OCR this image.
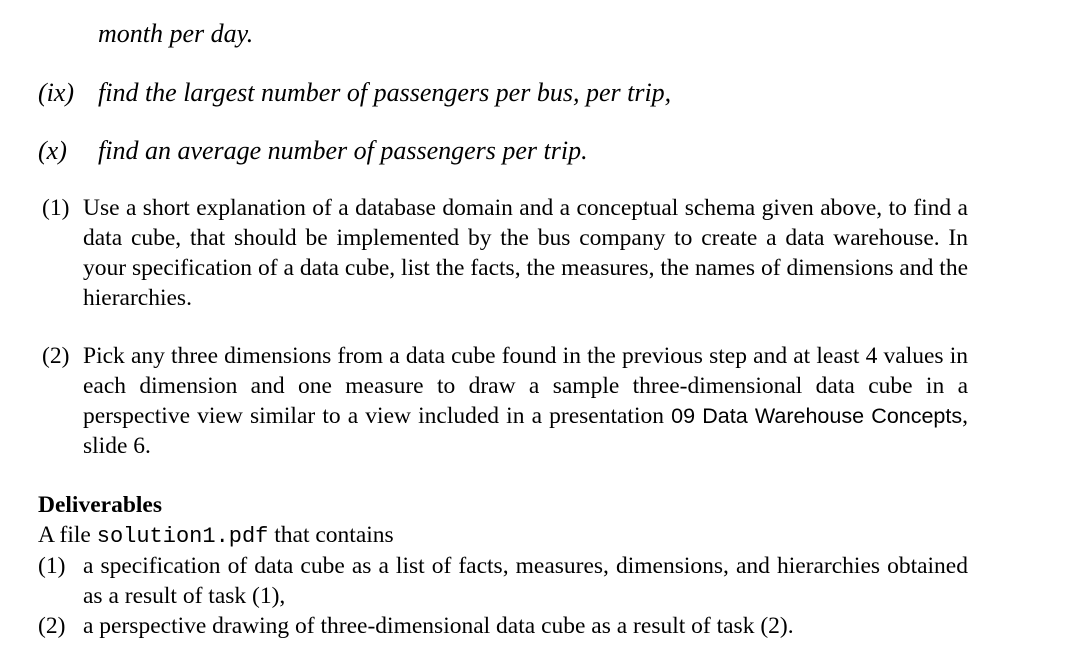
month per day.
(ix) find the largest number of passengers per bus, per trip,
(x) find an average number of passengers per trip.
(1) Use a short explanation of a database domain and a conceptual schema given above, to find a data cube, that should be implemented by the bus company to create a data warehouse. In your specification of a data cube, list the facts, the measures, the names of dimensions and the hierarchies.
(2) Pick any three dimensions from a data cube found in the previous step and at least 4 values in each dimension and one measure to draw a sample three-dimensional data cube in a perspective view similar to a view included in a presentation 09 Data Warehouse Concepts, slide 6.
Deliverables
A file solution1.pdf that contains
(1) a specification of data cube as a list of facts, measures, dimensions, and hierarchies obtained as a result of task (1),
(2) a perspective drawing of three-dimensional data cube as a result of task (2).
